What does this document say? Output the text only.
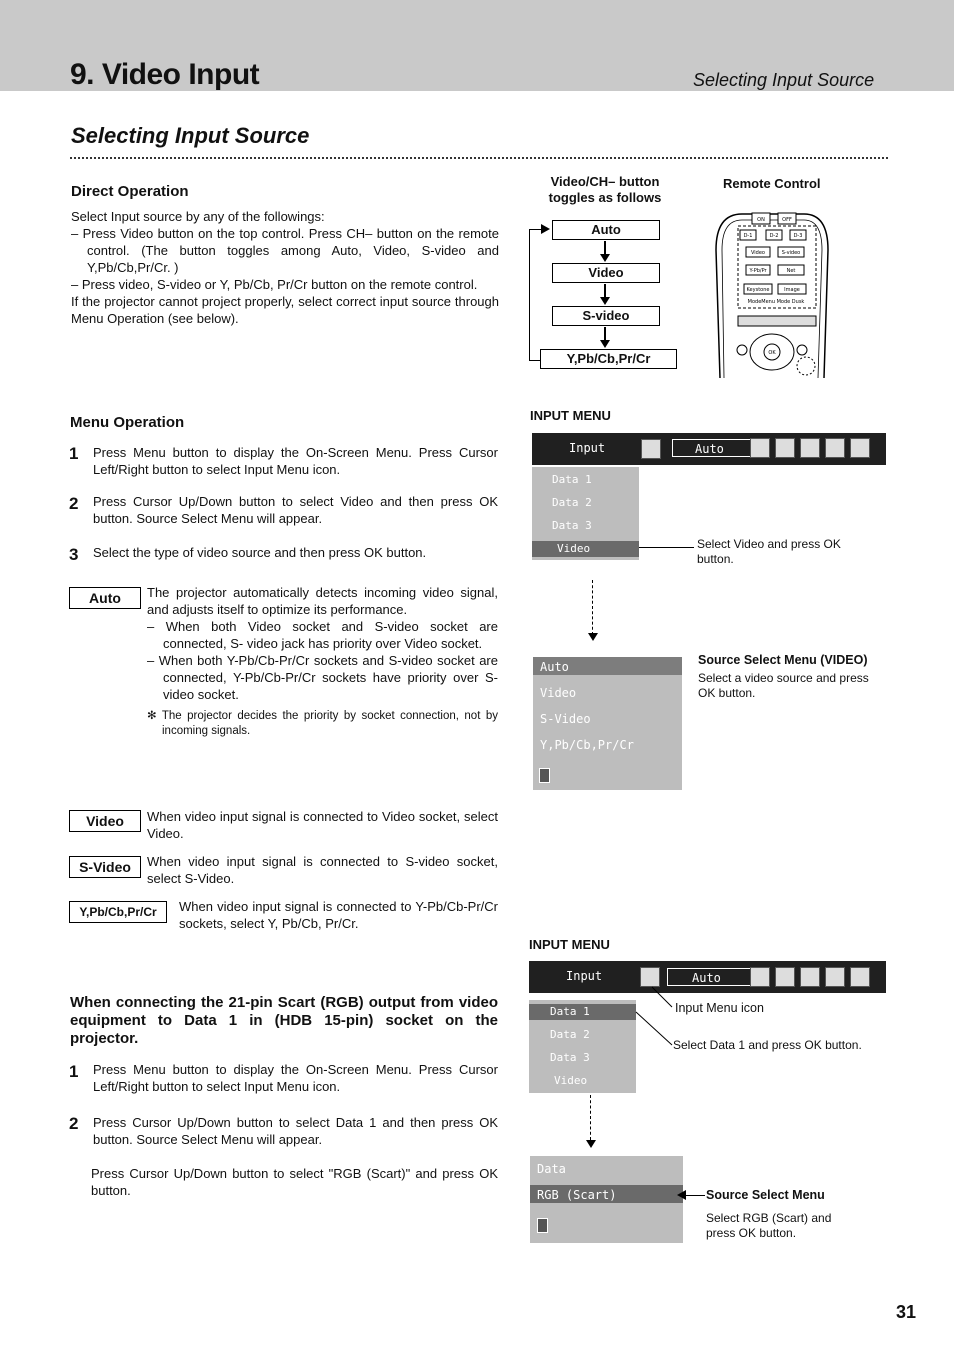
9. Video Input	Selecting Input Source
Selecting Input Source
Direct Operation
Select Input source by any of the followings:
– Press Video button on the top control. Press CH– button on the remote control. (The button toggles among Auto, Video, S-video and Y,Pb/Cb,Pr/Cr. )
– Press video, S-video or Y, Pb/Cb, Pr/Cr button on the remote control.
If the projector cannot project properly, select correct input source through Menu Operation (see below).
Video/CH– button toggles as follows
Auto
Video
S-video
Y,Pb/Cb,Pr/Cr
Remote Control
ON	OFF
D-1	D-2	D-3
Video	S-video
Y-Pb/Pr	Net
Keystone	Image
ModeMenu Mode Dusk
OK
Menu Operation
1 Press Menu button to display the On-Screen Menu. Press Cursor Left/Right button to select Input Menu icon.
2 Press Cursor Up/Down button to select Video and then press OK button. Source Select Menu will appear.
3 Select the type of video source and then press OK button.
Auto	The projector automatically detects incoming video signal, and adjusts itself to optimize its performance.
– When both Video socket and S-video socket are connected, S- video jack has priority over Video socket.
– When both Y-Pb/Cb-Pr/Cr sockets and S-video socket are connected, Y-Pb/Cb-Pr/Cr sockets have priority over S-video socket.
✻ The projector decides the priority by socket connection, not by incoming signals.
Video	When video input signal is connected to Video socket, select Video.
S-Video	When video input signal is connected to S-video socket, select S-Video.
Y,Pb/Cb,Pr/Cr	When video input signal is connected to Y-Pb/Cb-Pr/Cr sockets, select Y, Pb/Cb, Pr/Cr.
When connecting the 21-pin Scart (RGB) output from video equipment to Data 1 in (HDB 15-pin) socket on the projector.
1 Press Menu button to display the On-Screen Menu. Press Cursor Left/Right button to select Input Menu icon.
2 Press Cursor Up/Down button to select Data 1 and then press OK button. Source Select Menu will appear.
Press Cursor Up/Down button to select "RGB (Scart)" and press OK button.
INPUT MENU
Input	Auto
Data 1
Data 2
Data 3
Video	Select Video and press OK button.
Auto
Video
S-Video
Y,Pb/Cb,Pr/Cr
Source Select Menu (VIDEO)
Select a video source and press OK button.
INPUT MENU
Input	Auto
Data 1
Data 2
Data 3
Video
Input Menu icon
Select Data 1 and press OK button.
Data
RGB (Scart)	Source Select Menu
Select RGB (Scart) and press OK button.
31
